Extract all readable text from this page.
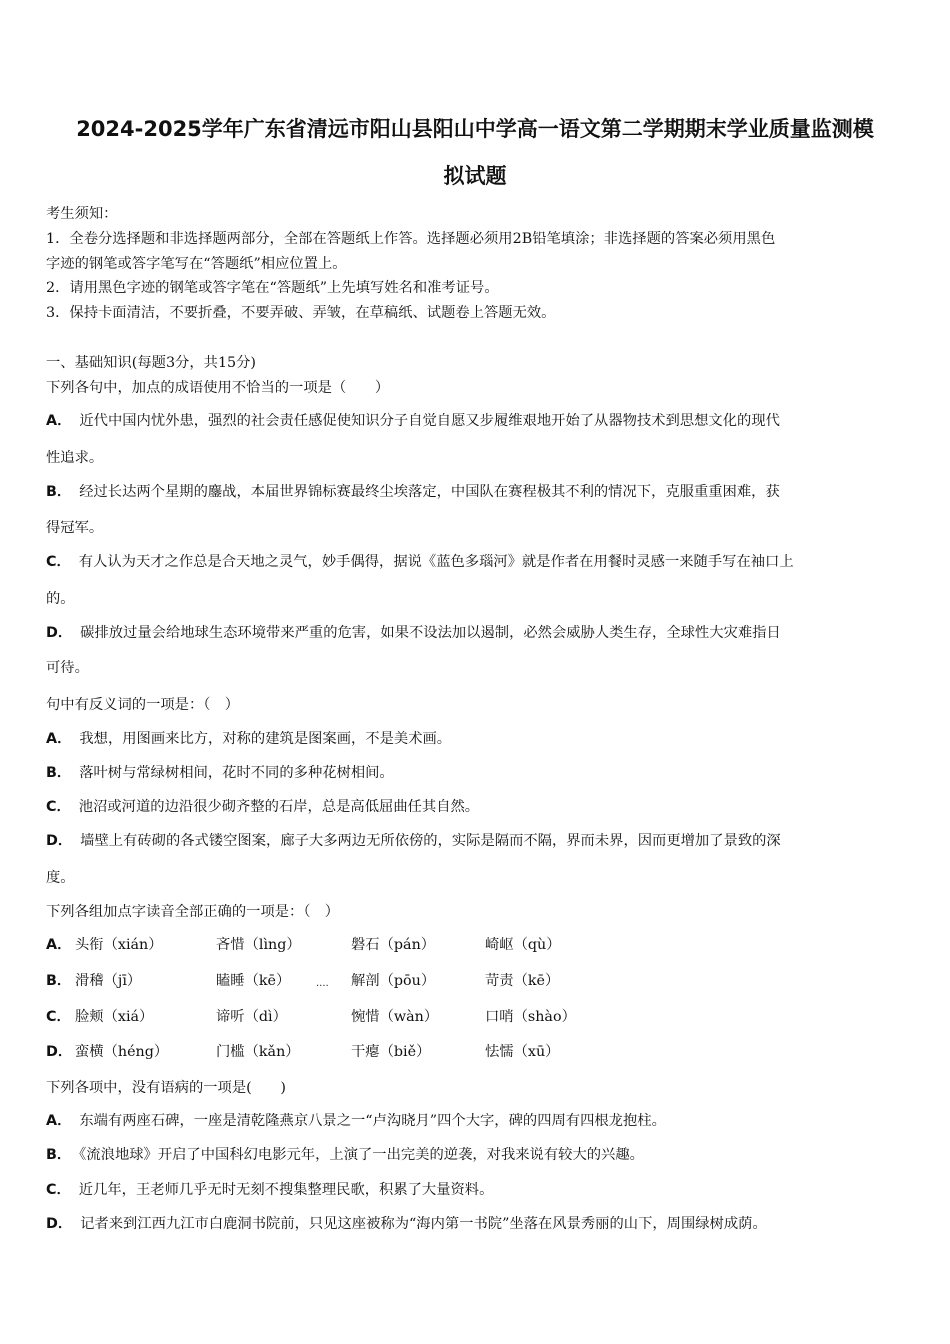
2024-2025学年广东省清远市阳山县阳山中学高一语文第二学期期末学业质量监测模
拟试题
考生须知：
1．全卷分选择题和非选择题两部分，全部在答题纸上作答。选择题必须用2B铅笔填涂；非选择题的答案必须用黑色
字迹的钢笔或答字笔写在“答题纸”相应位置上。
2．请用黑色字迹的钢笔或答字笔在“答题纸”上先填写姓名和准考证号。
3．保持卡面清洁，不要折叠，不要弄破、弄皱，在草稿纸、试题卷上答题无效。
一、基础知识(每题3分，共15分)
下列各句中，加点的成语使用不恰当的一项是（　　）
A． 近代中国内忧外患，强烈的社会责任感促使知识分子自觉自愿又步履维艰地开始了从器物技术到思想文化的现代
性追求。
B． 经过长达两个星期的鏖战，本届世界锦标赛最终尘埃落定，中国队在赛程极其不利的情况下，克服重重困难，获
得冠军。
C． 有人认为天才之作总是合天地之灵气，妙手偶得，据说《蓝色多瑙河》就是作者在用餐时灵感一来随手写在袖口上
的。
D． 碳排放过量会给地球生态环境带来严重的危害，如果不设法加以遏制，必然会威胁人类生存，全球性大灾难指日
可待。
句中有反义词的一项是：（　）
A． 我想，用图画来比方，对称的建筑是图案画，不是美术画。
B． 落叶树与常绿树相间，花时不同的多种花树相间。
C． 池沼或河道的边沿很少砌齐整的石岸，总是高低屈曲任其自然。
D． 墙壁上有砖砌的各式镂空图案，廊子大多两边无所依傍的，实际是隔而不隔，界而未界，因而更增加了景致的深
度。
下列各组加点字读音全部正确的一项是：（　）
A． 头衔（xián）	吝惜（lìng）	磐石（pán）	崎岖（qù）
B． 滑稽（jī）	瞌睡（kē）	解剖（pōu）	苛责（kē）
....
C． 脸颊（xiá）	谛听（dì）	惋惜（wàn）	口哨（shào）
D． 蛮横（héng）	门槛（kǎn）	干瘪（biě）	怯懦（xū）
下列各项中，没有语病的一项是(　　)
A． 东端有两座石碑，一座是清乾隆燕京八景之一“卢沟晓月”四个大字，碑的四周有四根龙抱柱。
B． 《流浪地球》开启了中国科幻电影元年，上演了一出完美的逆袭，对我来说有较大的兴趣。
C． 近几年，王老师几乎无时无刻不搜集整理民歌，积累了大量资料。
D． 记者来到江西九江市白鹿洞书院前，只见这座被称为“海内第一书院”坐落在风景秀丽的山下，周围绿树成荫。
